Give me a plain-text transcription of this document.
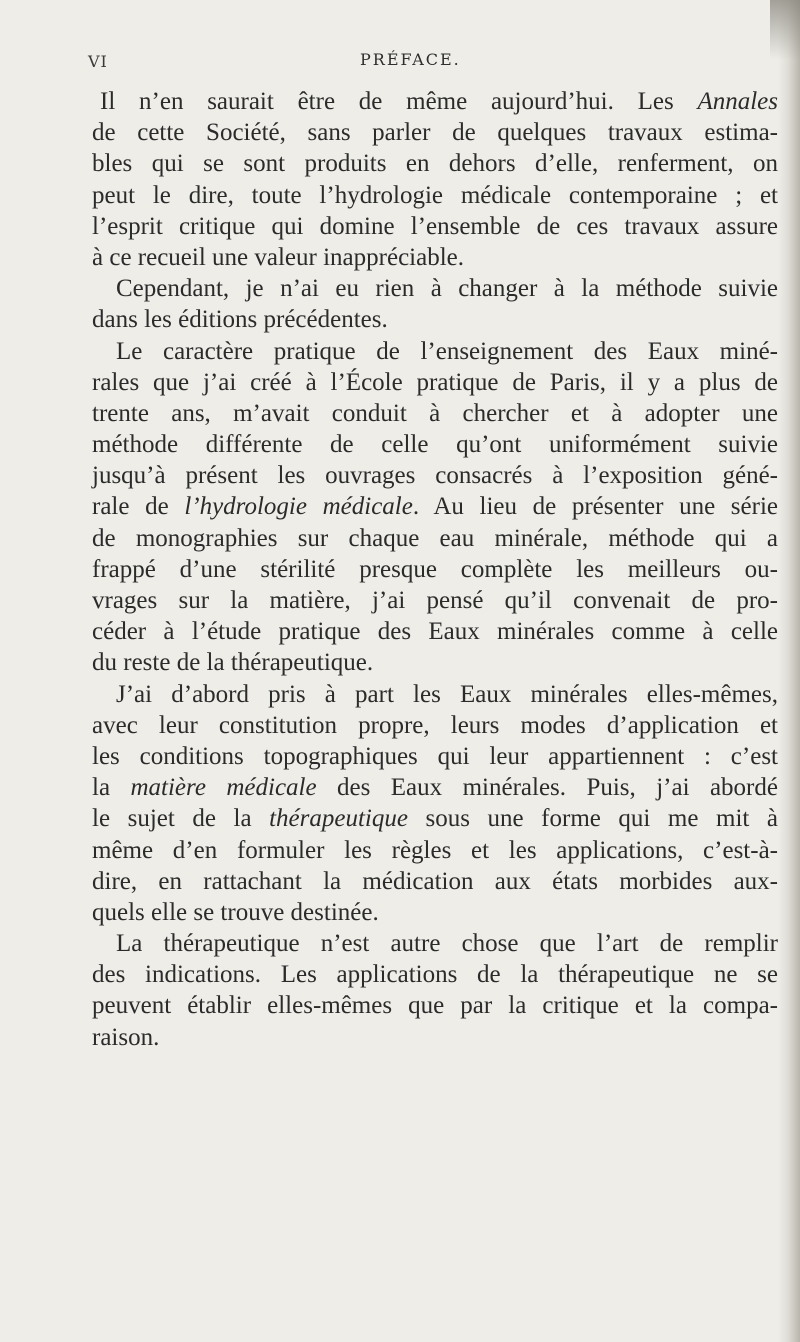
VI	PRÉFACE.
Il n’en saurait être de même aujourd’hui. Les Annales
de cette Société, sans parler de quelques travaux estima-
bles qui se sont produits en dehors d’elle, renferment, on
peut le dire, toute l’hydrologie médicale contemporaine ; et
l’esprit critique qui domine l’ensemble de ces travaux assure
à ce recueil une valeur inappréciable.
Cependant, je n’ai eu rien à changer à la méthode suivie
dans les éditions précédentes.
Le caractère pratique de l’enseignement des Eaux miné-
rales que j’ai créé à l’École pratique de Paris, il y a plus de
trente ans, m’avait conduit à chercher et à adopter une
méthode différente de celle qu’ont uniformément suivie
jusqu’à présent les ouvrages consacrés à l’exposition géné-
rale de l’hydrologie médicale. Au lieu de présenter une série
de monographies sur chaque eau minérale, méthode qui a
frappé d’une stérilité presque complète les meilleurs ou-
vrages sur la matière, j’ai pensé qu’il convenait de pro-
céder à l’étude pratique des Eaux minérales comme à celle
du reste de la thérapeutique.
J’ai d’abord pris à part les Eaux minérales elles-mêmes,
avec leur constitution propre, leurs modes d’application et
les conditions topographiques qui leur appartiennent : c’est
la matière médicale des Eaux minérales. Puis, j’ai abordé
le sujet de la thérapeutique sous une forme qui me mit à
même d’en formuler les règles et les applications, c’est-à-
dire, en rattachant la médication aux états morbides aux-
quels elle se trouve destinée.
La thérapeutique n’est autre chose que l’art de remplir
des indications. Les applications de la thérapeutique ne se
peuvent établir elles-mêmes que par la critique et la compa-
raison.
